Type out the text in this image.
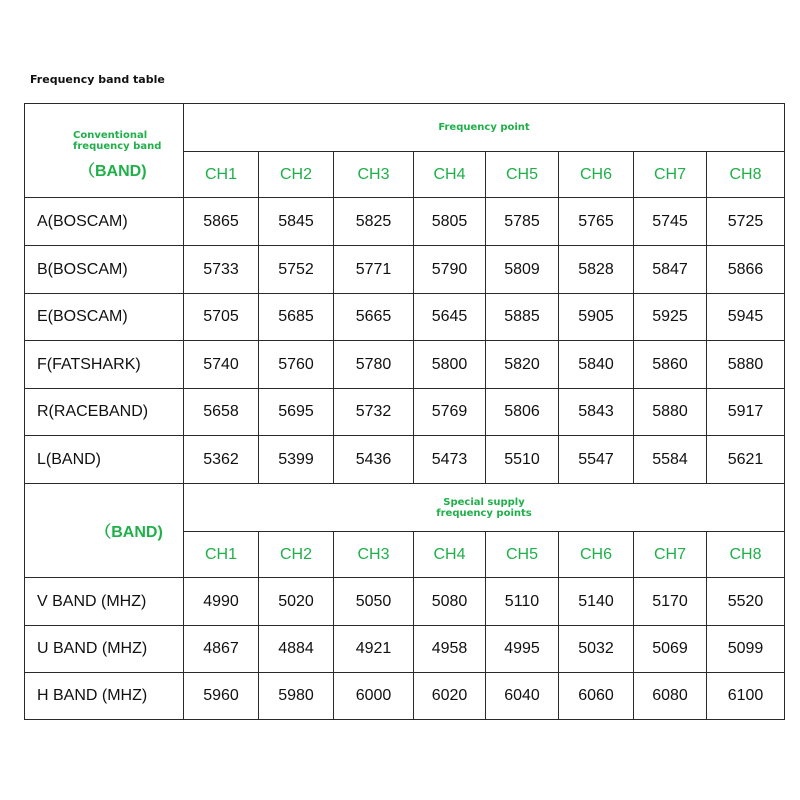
Frequency band table
Conventional
frequency band
（BAND)	Frequency point							
	CH1	CH2	CH3	CH4	CH5	CH6	CH7	CH8
A(BOSCAM)	5865	5845	5825	5805	5785	5765	5745	5725
B(BOSCAM)	5733	5752	5771	5790	5809	5828	5847	5866
E(BOSCAM)	5705	5685	5665	5645	5885	5905	5925	5945
F(FATSHARK)	5740	5760	5780	5800	5820	5840	5860	5880
R(RACEBAND)	5658	5695	5732	5769	5806	5843	5880	5917
L(BAND)	5362	5399	5436	5473	5510	5547	5584	5621

（BAND)	Special supply
frequency points							

	CH1	CH2	CH3	CH4	CH5	CH6	CH7	CH8
V BAND (MHZ)	4990	5020	5050	5080	5110	5140	5170	5520
U BAND (MHZ)	4867	4884	4921	4958	4995	5032	5069	5099
H BAND (MHZ)	5960	5980	6000	6020	6040	6060	6080	6100
